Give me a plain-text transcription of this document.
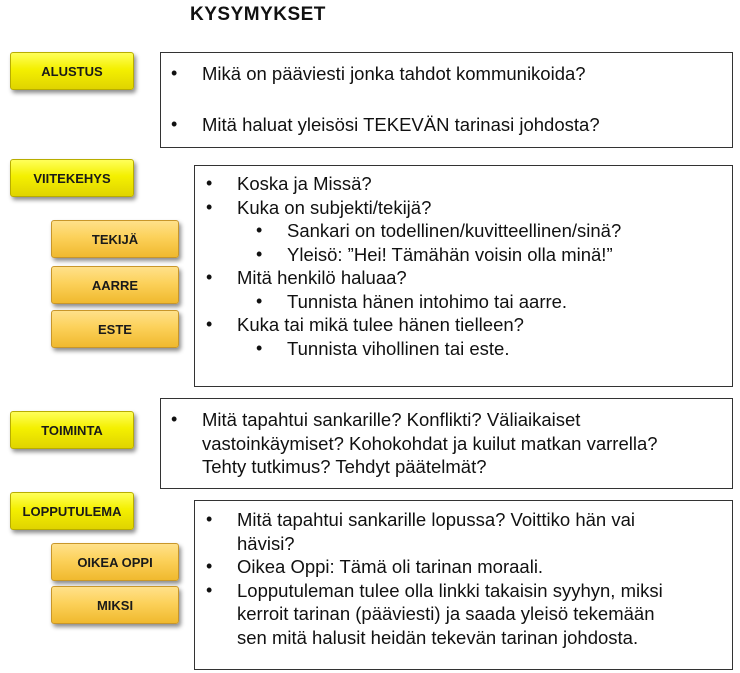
KYSYMYKSET
ALUSTUS
VIITEKEHYS
TEKIJÄ
AARRE
ESTE
TOIMINTA
LOPPUTULEMA
OIKEA OPPI
MIKSI
• Mikä on pääviesti jonka tahdot kommunikoida?
• Mitä haluat yleisösi TEKEVÄN tarinasi johdosta?
• Koska ja Missä?
• Kuka on subjekti/tekijä?
• Sankari on todellinen/kuvitteellinen/sinä?
• Yleisö: ”Hei! Tämähän voisin olla minä!”
• Mitä henkilö haluaa?
• Tunnista hänen intohimo tai aarre.
• Kuka tai mikä tulee hänen tielleen?
• Tunnista vihollinen tai este.
• Mitä tapahtui sankarille? Konflikti? Väliaikaiset
vastoinkäymiset? Kohokohdat ja kuilut matkan varrella?
Tehty tutkimus? Tehdyt päätelmät?
• Mitä tapahtui sankarille lopussa? Voittiko hän vai
hävisi?
• Oikea Oppi: Tämä oli tarinan moraali.
• Lopputuleman tulee olla linkki takaisin syyhyn, miksi
kerroit tarinan (pääviesti) ja saada yleisö tekemään
sen mitä halusit heidän tekevän tarinan johdosta.
